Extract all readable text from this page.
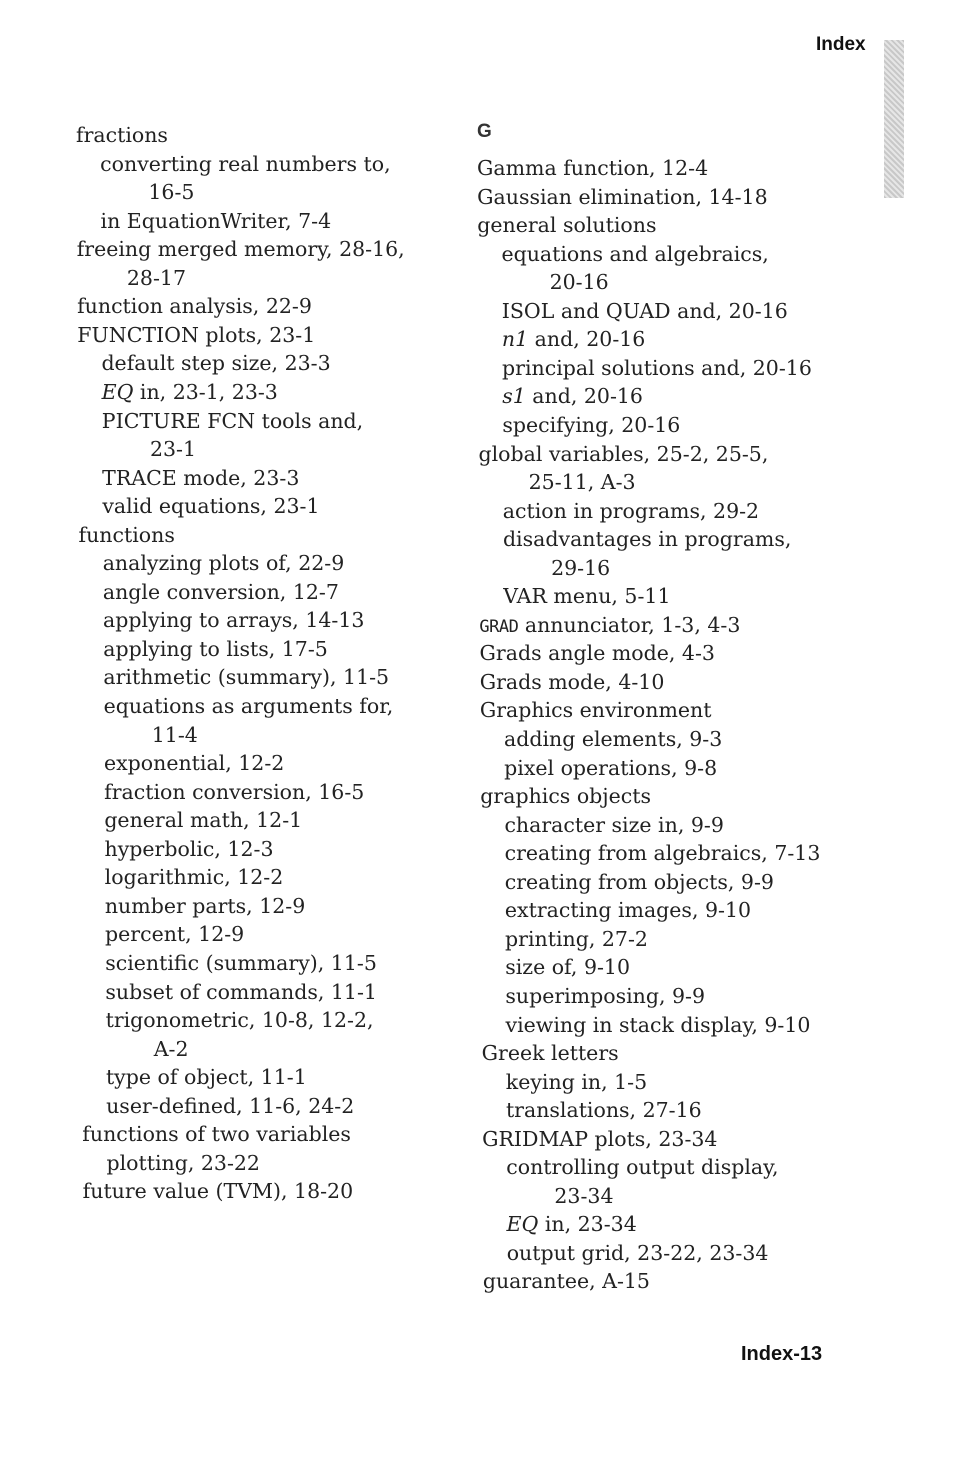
Index
G
fractions
converting real numbers to,
16-5
in EquationWriter, 7-4
freeing merged memory, 28-16,
28-17
function analysis, 22-9
FUNCTION plots, 23-1
default step size, 23-3
EQ in, 23-1, 23-3
PICTURE FCN tools and,
23-1
TRACE mode, 23-3
valid equations, 23-1
functions
analyzing plots of, 22-9
angle conversion, 12-7
applying to arrays, 14-13
applying to lists, 17-5
arithmetic (summary), 11-5
equations as arguments for,
11-4
exponential, 12-2
fraction conversion, 16-5
general math, 12-1
hyperbolic, 12-3
logarithmic, 12-2
number parts, 12-9
percent, 12-9
scientific (summary), 11-5
subset of commands, 11-1
trigonometric, 10-8, 12-2,
A-2
type of object, 11-1
user-defined, 11-6, 24-2
functions of two variables
plotting, 23-22
future value (TVM), 18-20
Gamma function, 12-4
Gaussian elimination, 14-18
general solutions
equations and algebraics,
20-16
ISOL and QUAD and, 20-16
n1 and, 20-16
principal solutions and, 20-16
s1 and, 20-16
specifying, 20-16
global variables, 25-2, 25-5,
25-11, A-3
action in programs, 29-2
disadvantages in programs,
29-16
VAR menu, 5-11
GRAD annunciator, 1-3, 4-3
Grads angle mode, 4-3
Grads mode, 4-10
Graphics environment
adding elements, 9-3
pixel operations, 9-8
graphics objects
character size in, 9-9
creating from algebraics, 7-13
creating from objects, 9-9
extracting images, 9-10
printing, 27-2
size of, 9-10
superimposing, 9-9
viewing in stack display, 9-10
Greek letters
keying in, 1-5
translations, 27-16
GRIDMAP plots, 23-34
controlling output display,
23-34
EQ in, 23-34
output grid, 23-22, 23-34
guarantee, A-15
Index-13
